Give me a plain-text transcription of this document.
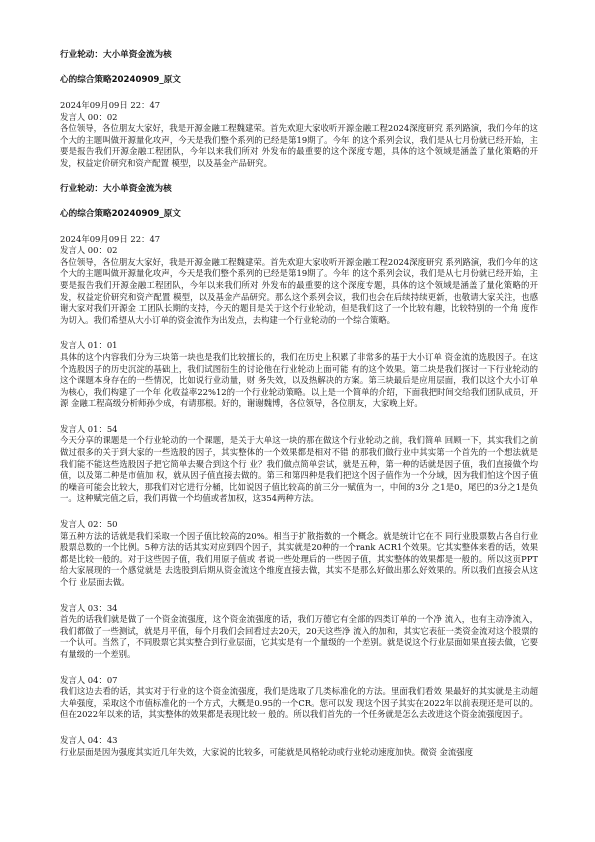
行业轮动：大小单资金流为核

心的综合策略20240909_原文

2024年09月09日 22：47

发言人 00：02

各位领导，各位朋友大家好，我是开源金融工程魏建荣。首先欢迎大家收听开源金融工程2024深度研究 系列路演，我们今年的这个大的主题叫做开源量化攻声，今天是我们整个系列的已经是第19期了。今年 的这个系列会议，我们是从七月份就已经开始，主要是报告我们开源金融工程团队，今年以来我们所对 外发布的最重要的这个深度专题，具体的这个领域是涵盖了量化策略的开发，权益定价研究和资产配置 模型，以及基金产品研究。

行业轮动：大小单资金流为核

心的综合策略20240909_原文

2024年09月09日 22：47

发言人 00：02

各位领导，各位朋友大家好，我是开源金融工程魏建荣。首先欢迎大家收听开源金融工程2024深度研究 系列路演，我们今年的这个大的主题叫做开源量化攻声，今天是我们整个系列的已经是第19期了。今年 的这个系列会议，我们是从七月份就已经开始，主要是报告我们开源金融工程团队，今年以来我们所对 外发布的最重要的这个深度专题，具体的这个领域是涵盖了量化策略的开发，权益定价研究和资产配置 模型，以及基金产品研究。那么这个系列会议，我们也会在后续持续更新，也敬请大家关注，也感谢大家对我们开源金 工团队长期的支持，今天的题目是关于这个行业轮动，但是我们这了一个比较有趣，比较特别的一个角 度作为切入。我们希望从大小订单的资金流作为出发点，去构建一个行业轮动的一个综合策略。

发言人 01：01

具体的这个内容我们分为三块第一块也是我们比较擅长的，我们在历史上积累了非常多的基于大小订单 资金流的选股因子。在这个选股因子的历史沉淀的基础上，我们试图衍生的讨论他在行业轮动上面可能 有的这个效果。第二块是我们探讨一下行业轮动的这个课题本身存在的一些情况，比如说行业动量，财 务失效，以及热解决的方案。第三块最后是应用层面，我们以这个大小订单为核心，我们构建了一个年 化收益率22%12的一个行业轮动策略。以上是一个简单的介绍，下面我把时间交给我们团队成员，开源 金融工程高级分析师孙少成，有请那根。好的，谢谢魏博，各位领导，各位朋友，大家晚上好。

发言人 01：54

今天分享的课题是一个行业轮动的一个课题，是关于大单这一块的那在做这个行业轮动之前，我们简单 回顾一下，其实我们之前做过很多的关于到大家的一些选股的因子，其实整体的一个效果都是相对不错 的那我们做行业中其实第一个首先的一个想法就是我们能不能这些选股因子把它简单去聚合到这个行 业？我们做点简单尝试，就是五种，第一种的话就是因子值，我们直接做个均值，以及第二种是市值加 权，就从因子值直接去做的。第三和第四种是我们把这个因子值作为一个分域，因为我们怕这个因子值 的噪音可能会比较大，那我们对它进行分桶，比如说因子值比较高的前三分一赋值为一，中间的3分 之1是0，尾巴的3分之1是负一。这种赋完值之后，我们再做一个均值或者加权，这354两种方法。

发言人 02：50

第五种方法的话就是我们采取一个因子值比较高的20%。相当于扩散指数的一个概念。就是统计它在不 同行业股票数占各自行业股票总数的一个比例。5种方法的话其实对应到四个因子，其实就是20种的一个rank ACR1个效果。它其实整体来看的话，效果都是比较一般的。对于这些因子值，我们用原子值或 者说一些处理后的一些因子值，其实整体的效果都是一般的。所以这页PPT给大家展现的一个感觉就是 去选股到后期从资金流这个维度直接去做，其实不是那么好做出那么好效果的。所以我们直接会从这个行 业层面去做。

发言人 03：34

首先的话我们就是做了一个资金流强度，这个资金流强度的话，我们万德它有全部的四类订单的一个净 流入，也有主动净流入，我们都做了一些测试，就是月平值，每个月我们会回看过去20天，20天这些净 流入的加和，其实它表征一类资金流对这个股票的一个认可。当然了，不同股票它其实整合到行业层面，它其实是有一个量级的一个差别。就是说这个行业层面如果直接去做，它要有量级的一个差别。

发言人 04：07

我们这边去看的话，其实对于行业的这个资金流强度，我们是选取了几类标准化的方法。里面我们看效 果最好的其实就是主动超大单强度，采取这个市值标准化的一个方式，大概是0.95的一个CR。您可以发 现这个因子其实在2022年以前表现还是可以的。但在2022年以来的话，其实整体的效果都是表现比较一 般的。所以我们首先的一个任务就是怎么去改进这个资金流强度因子。

发言人 04：43

行业层面是因为强度其实近几年失效，大家说的比较多，可能就是风格轮动或行业轮动速度加快。微资 金流强度
